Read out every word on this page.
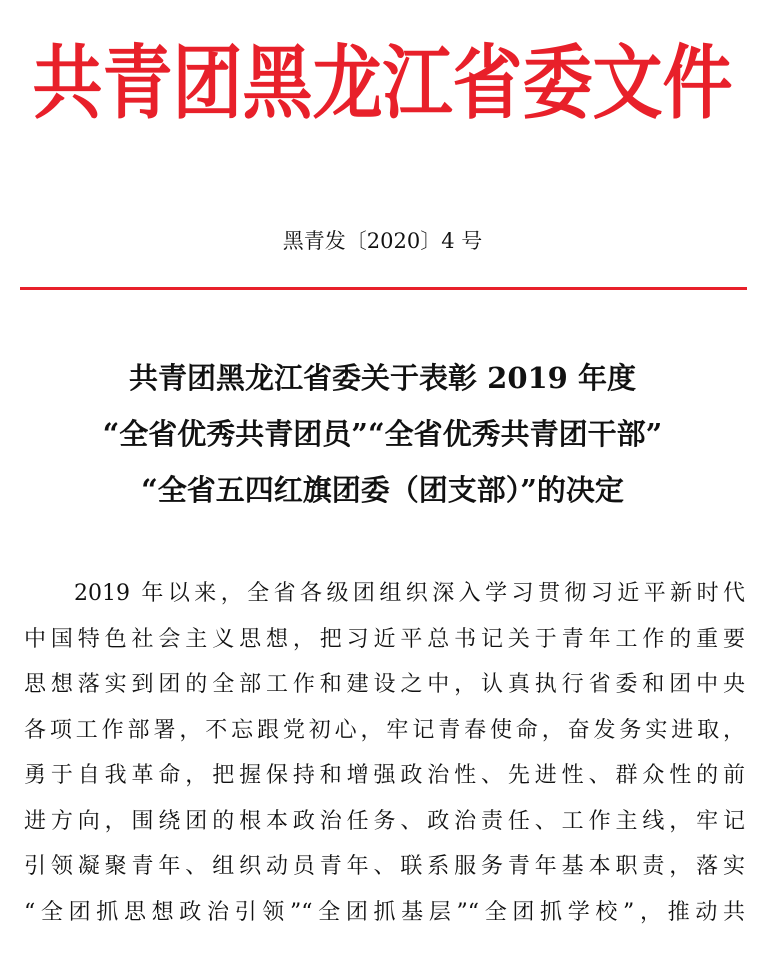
共青团黑龙江省委文件
黑青发〔2020〕4 号
共青团黑龙江省委关于表彰 2019 年度
“全省优秀共青团员”“全省优秀共青团干部”
“全省五四红旗团委（团支部）”的决定
2019 年以来，全省各级团组织深入学习贯彻习近平新时代
中国特色社会主义思想，把习近平总书记关于青年工作的重要
思想落实到团的全部工作和建设之中，认真执行省委和团中央
各项工作部署，不忘跟党初心，牢记青春使命，奋发务实进取，
勇于自我革命，把握保持和增强政治性、先进性、群众性的前
进方向，围绕团的根本政治任务、政治责任、工作主线，牢记
引领凝聚青年、组织动员青年、联系服务青年基本职责，落实
“全团抓思想政治引领”“全团抓基层”“全团抓学校”，推动共
